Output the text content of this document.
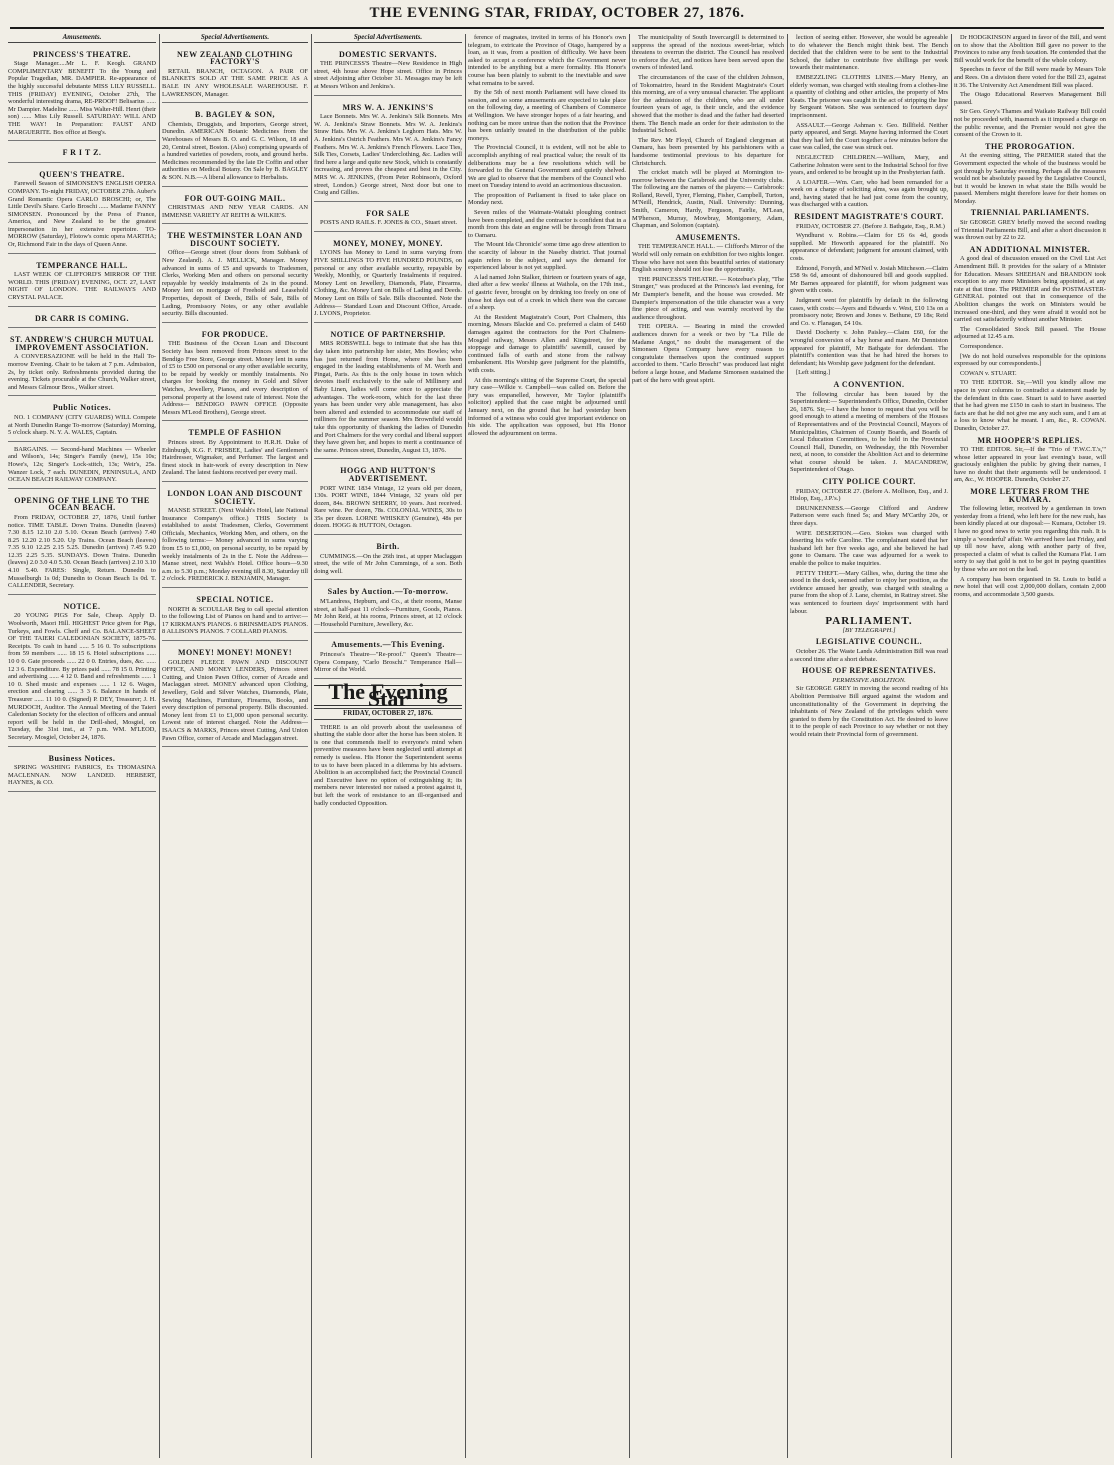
THE EVENING STAR, FRIDAY, OCTOBER 27, 1876.
Amusements.
PRINCESS'S THEATRE.

Stage Manager.....Mr L. F. Keogh. GRAND COMPLIMENTARY BENEFIT To the Young and Popular Tragedian, MR. DAMPIER. Re-appearance of the highly successful debutante MISS LILY RUSSELL. THIS (FRIDAY) EVENING, October 27th, The wonderful interesting drama, RE-PROOF! Belisarius ...... Mr Dampier. Madeline ...... Miss Walter-Hill. Henri (their son) ...... Miss Lily Russell. SATURDAY: WILL AND THE WAY! In Preparation: FAUST AND MARGUERITE. Box office at Beeg's.

F R I T Z.
QUEEN'S THEATRE.

Farewell Season of SIMONSEN'S ENGLISH OPERA COMPANY. To-night FRIDAY, OCTOBER 27th. Auber's Grand Romantic Opera CARLO BROSCHI; or, The Little Devil's Share. Carlo Broschi ...... Madame FANNY SIMONSEN. Pronounced by the Press of France, America, and New Zealand to be the greatest impersonation in her extensive repertoire. TO-MORROW (Saturday), Flotow's comic opera MARTHA; Or, Richmond Fair in the days of Queen Anne.

TEMPERANCE HALL.

LAST WEEK OF CLIFFORD'S MIRROR OF THE WORLD. THIS (FRIDAY) EVENING, OCT. 27, LAST NIGHT OF LONDON. THE RAILWAYS AND CRYSTAL PALACE.

DR CARR IS COMING.
ST. ANDREW'S CHURCH MUTUAL IMPROVEMENT ASSOCIATION.

A CONVERSAZIONE will be held in the Hall To-morrow Evening. Chair to be taken at 7 p.m. Admission, 2s, by ticket only. Refreshments provided during the evening. Tickets procurable at the Church, Walker street, and Messrs Gilmour Bros., Walker street.

Public Notices.

NO. 1 COMPANY (CITY GUARDS) WILL Compete at North Dunedin Range To-morrow (Saturday) Morning, 5 o'clock sharp. N. Y. A. WALES, Captain.

BARGAINS. — Second-hand Machines — Wheeler and Wilson's, 14s; Singer's Family (new), 15s 10s; Howe's, 12s; Singer's Lock-stitch, 13s; Weir's, 25s. Wanzer Lock, 7 each. DUNEDIN, PENINSULA, AND OCEAN BEACH RAILWAY COMPANY.

OPENING OF THE LINE TO THE OCEAN BEACH.

From FRIDAY, OCTOBER 27, 1876, Until further notice. TIME TABLE. Down Trains. Dunedin (leaves) 7.30 8.15 12.10 2.0 5.10. Ocean Beach (arrives) 7.40 8.25 12.20 2.10 5.20. Up Trains. Ocean Beach (leaves) 7.35 9.10 12.25 2.15 5.25. Dunedin (arrives) 7.45 9.20 12.35 2.25 5.35. SUNDAYS. Down Trains. Dunedin (leaves) 2.0 3.0 4.0 5.30. Ocean Beach (arrives) 2.10 3.10 4.10 5.40. FARES: Single, Return. Dunedin to Musselburgh 1s 0d; Dunedin to Ocean Beach 1s 0d. T. CALLENDER, Secretary.

NOTICE.

20 YOUNG PIGS For Sale, Cheap. Apply D. Woolworth, Maori Hill. HIGHEST Price given for Pigs, Turkeys, and Fowls. Cheff and Co. BALANCE-SHEET OF THE TAIERI CALEDONIAN SOCIETY, 1875-76. Receipts. To cash in hand ...... 5 16 0. To subscriptions from 59 members ...... 18 15 6. Hotel subscriptions ...... 10 0 0. Gate proceeds ...... 22 0 0. Entries, dues, &c. ...... 12 3 6. Expenditure. By prizes paid ...... 78 15 0. Printing and advertising ...... 4 12 0. Band and refreshments ...... 1 10 0. Shed music and expenses ...... 1 12 6. Wages, erection and clearing ...... 3 3 6. Balance in hands of Treasurer ...... 11 10 0. (Signed) P. DEY, Treasurer; J. H. MURDOCH, Auditor. The Annual Meeting of the Taieri Caledonian Society for the election of officers and annual report will be held in the Drill-shed, Mosgiel, on Tuesday, the 31st inst., at 7 p.m. WM. M'LEOD, Secretary. Mosgiel, October 24, 1876.

Business Notices.

SPRING WASHING FABRICS, Ex THOMASINA MACLENNAN. NOW LANDED. HERBERT, HAYNES, & CO.

Special Advertisements.
NEW ZEALAND CLOTHING FACTORY'S

RETAIL BRANCH, OCTAGON. A PAIR OF BLANKETS SOLD AT THE SAME PRICE AS A BALE IN ANY WHOLESALE WAREHOUSE. F. LAWRENSON, Manager.

B. BAGLEY & SON,

Chemists, Druggists, and Importers, George street, Dunedin. AMERICAN Botanic Medicines from the Warehouses of Messrs B. O. and G. C. Wilson, 18 and 20, Central street, Boston. (Also) comprising upwards of a hundred varieties of powders, roots, and ground herbs. Medicines recommended by the late Dr Coffin and other authorities on Medical Botany. On Sale by B. BAGLEY & SON. N.B.—A liberal allowance to Herbalists.

FOR OUT-GOING MAIL.

CHRISTMAS AND NEW YEAR CARDS. AN IMMENSE VARIETY AT REITH & WILKIE'S.

THE WESTMINSTER LOAN AND DISCOUNT SOCIETY.

Office—George street (four doors from Subbank of New Zealand). A. J. MELLICK, Manager. Money advanced in sums of £5 and upwards to Tradesmen, Clerks, Working Men and others on personal security repayable by weekly instalments of 2s in the pound. Money lent on mortgage of Freehold and Leasehold Properties, deposit of Deeds, Bills of Sale, Bills of Lading, Promissory Notes, or any other available security. Bills discounted.

FOR PRODUCE.

THE Business of the Ocean Loan and Discount Society has been removed from Princes street to the Bendigo Free Store, George street. Money lent in sums of £5 to £500 on personal or any other available security, to be repaid by weekly or monthly instalments. No charges for booking the money in Gold and Silver Watches, Jewellery, Pianos, and every description of personal property at the lowest rate of interest. Note the Address— BENDIGO PAWN OFFICE (Opposite Messrs M'Leod Brothers), George street.

TEMPLE OF FASHION

Princes street. By Appointment to H.R.H. Duke of Edinburgh, K.G. F. FRISBEE, Ladies' and Gentlemen's Hairdresser, Wigmaker, and Perfumer. The largest and finest stock in hair-work of every description in New Zealand. The latest fashions received per every mail.

LONDON LOAN AND DISCOUNT SOCIETY.

MANSE STREET. (Next Walsh's Hotel, late National Insurance Company's office.) THIS Society is established to assist Tradesmen, Clerks, Government Officials, Mechanics, Working Men, and others, on the following terms:— Money advanced in sums varying from £5 to £1,000, on personal security, to be repaid by weekly instalments of 2s in the £. Note the Address—Manse street, next Walsh's Hotel. Office hours—9.30 a.m. to 5.30 p.m.; Monday evening till 8.30, Saturday till 2 o'clock. FREDERICK J. BENJAMIN, Manager.

SPECIAL NOTICE.

NORTH & SCOULLAR Beg to call special attention to the following List of Pianos on hand and to arrive:— 17 KIRKMAN'S PIANOS. 6 BRINSMEAD'S PIANOS. 8 ALLISON'S PIANOS. 7 COLLARD PIANOS.

MONEY! MONEY! MONEY!

GOLDEN FLEECE PAWN AND DISCOUNT OFFICE, AND MONEY LENDERS, Princes street Cutting, and Union Pawn Office, corner of Arcade and Maclaggan street. MONEY advanced upon Clothing, Jewellery, Gold and Silver Watches, Diamonds, Plate, Sewing Machines, Furniture, Firearms, Books, and every description of personal property. Bills discounted. Money lent from £1 to £1,000 upon personal security. Lowest rate of interest charged. Note the Address— ISAACS & MARKS, Princes street Cutting, And Union Pawn Office, corner of Arcade and Maclaggan street.

Special Advertisements.
DOMESTIC SERVANTS.

THE PRINCESS'S Theatre—New Residence in High street, 4th house above Hope street. Office in Princes street Adjoining after October 31. Messages may be left at Messrs Wilson and Jenkins's.

MRS W. A. JENKINS'S

Lace Bonnets. Mrs W. A. Jenkins's Silk Bonnets. Mrs W. A. Jenkins's Straw Bonnets. Mrs W. A. Jenkins's Straw Hats. Mrs W. A. Jenkins's Leghorn Hats. Mrs W. A. Jenkins's Ostrich Feathers. Mrs W. A. Jenkins's Fancy Feathers. Mrs W. A. Jenkins's French Flowers. Lace Ties, Silk Ties, Corsets, Ladies' Underclothing, &c. Ladies will find here a large and quite new Stock, which is constantly increasing, and proves the cheapest and best in the City. MRS W. A. JENKINS, (From Peter Robinson's, Oxford street, London.) George street, Next door but one to Craig and Gillies.

FOR SALE

POSTS AND RAILS. F. JONES & CO., Stuart street.

MONEY, MONEY, MONEY.

LYONS has Money to Lend in sums varying from FIVE SHILLINGS TO FIVE HUNDRED POUNDS, on personal or any other available security, repayable by Weekly, Monthly, or Quarterly Instalments if required. Money Lent on Jewellery, Diamonds, Plate, Firearms, Clothing, &c. Money Lent on Bills of Lading and Deeds. Money Lent on Bills of Sale. Bills discounted. Note the Address— Standard Loan and Discount Office, Arcade. J. LYONS, Proprietor.

NOTICE OF PARTNERSHIP.

MRS ROBSWELL begs to intimate that she has this day taken into partnership her sister, Mrs Bowles; who has just returned from Home, where she has been engaged in the leading establishments of M. Worth and Pingat, Paris. As this is the only house in town which devotes itself exclusively to the sale of Millinery and Baby Linen, ladies will come once to appreciate the advantages. The work-room, which for the last three years has been under very able management, has also been altered and extended to accommodate our staff of milliners for the summer season. Mrs Brownfield would take this opportunity of thanking the ladies of Dunedin and Port Chalmers for the very cordial and liberal support they have given her, and hopes to merit a continuance of the same. Princes street, Dunedin, August 13, 1876.

HOGG AND HUTTON'S ADVERTISEMENT.

PORT WINE 1834 Vintage, 12 years old per dozen, 130s. PORT WINE, 1844 Vintage, 32 years old per dozen, 84s. BROWN SHERRY, 10 years. Just received. Rare wine. Per dozen, 78s. COLONIAL WINES, 30s to 35s per dozen. LORNE WHISKEY (Genuine), 48s per dozen. HOGG & HUTTON, Octagon.

Birth.

CUMMINGS.—On the 26th inst., at upper Maclaggan street, the wife of Mr John Cummings, of a son. Both doing well.

Sales by Auction.—To-morrow.

M'Landress, Hepburn, and Co., at their rooms, Manse street, at half-past 11 o'clock—Furniture, Goods, Pianos. Mr John Reid, at his rooms, Princes street, at 12 o'clock—Household Furniture, Jewellery, &c.

Amusements.—This Evening.

Princess's Theatre—"Re-proof." Queen's Theatre—Opera Company, "Carlo Broschi." Temperance Hall—Mirror of the World.

The Evening Star
FRIDAY, OCTOBER 27, 1876.

THERE is an old proverb about the uselessness of shutting the stable door after the horse has been stolen. It is one that commends itself to everyone's mind when preventive measures have been neglected until attempt at remedy is useless. His Honor the Superintendent seems to us to have been placed in a dilemma by his advisers. Abolition is an accomplished fact; the Provincial Council and Executive have no option of extinguishing it; its members never interested nor raised a protest against it, but left the work of resistance to an ill-organised and badly conducted Opposition.

ference of magnates, invited in terms of his Honor's own telegram, to extricate the Province of Otago, hampered by a loan, as it was, from a position of difficulty. We have been asked to accept a conference which the Government never intended to be anything but a mere formality. His Honor's course has been plainly to submit to the inevitable and save what remains to be saved.

By the 5th of next month Parliament will have closed its session, and so some amusements are expected to take place on the following day, a meeting of Chambers of Commerce at Wellington. We have stronger hopes of a fair hearing, and nothing can be more untrue than the notion that the Province has been unfairly treated in the distribution of the public moneys.

The Provincial Council, it is evident, will not be able to accomplish anything of real practical value; the result of its deliberations may be a few resolutions which will be forwarded to the General Government and quietly shelved. We are glad to observe that the members of the Council who meet on Tuesday intend to avoid an acrimonious discussion.

The proposition of Parliament is fixed to take place on Monday next.

Seven miles of the Waimate-Waitaki ploughing contract have been completed, and the contractor is confident that in a month from this date an engine will be through from Timaru to Oamaru.

The 'Mount Ida Chronicle' some time ago drew attention to the scarcity of labour in the Naseby district. That journal again refers to the subject, and says the demand for experienced labour is not yet supplied.

A lad named John Stalker, thirteen or fourteen years of age, died after a few weeks' illness at Waihola, on the 17th inst., of gastric fever, brought on by drinking too freely on one of those hot days out of a creek in which there was the carcase of a sheep.

At the Resident Magistrate's Court, Port Chalmers, this morning, Messrs Blackie and Co. preferred a claim of £460 damages against the contractors for the Port Chalmers-Mosgiel railway, Messrs Allen and Kingstreet, for the stoppage and damage to plaintiffs' sawmill, caused by continued falls of earth and stone from the railway embankment. His Worship gave judgment for the plaintiffs, with costs.

At this morning's sitting of the Supreme Court, the special jury case—Wilkie v. Campbell—was called on. Before the jury was empanelled, however, Mr Taylor (plaintiff's solicitor) applied that the case might be adjourned until January next, on the ground that he had yesterday been informed of a witness who could give important evidence on his side. The application was opposed, but His Honor allowed the adjournment on terms.

The municipality of South Invercargill is determined to suppress the spread of the noxious sweet-briar, which threatens to overrun the district. The Council has resolved to enforce the Act, and notices have been served upon the owners of infested land.

The circumstances of the case of the children Johnson, of Tokomairiro, heard in the Resident Magistrate's Court this morning, are of a very unusual character. The applicant for the admission of the children, who are all under fourteen years of age, is their uncle, and the evidence showed that the mother is dead and the father had deserted them. The Bench made an order for their admission to the Industrial School.

The Rev. Mr Floyd, Church of England clergyman at Oamaru, has been presented by his parishioners with a handsome testimonial previous to his departure for Christchurch.

The cricket match will be played at Mornington to-morrow between the Carisbrook and the University clubs. The following are the names of the players:— Carisbrook: Rolland, Revell, Tyrer, Fleming, Fisher, Campbell, Turton, M'Neill, Hendrick, Austin, Niall. University: Dunning, Smith, Cameron, Hardy, Ferguson, Fairlie, M'Lean, M'Pherson, Murray, Mowbray, Montgomery, Adam, Chapman, and Solomon (captain).

AMUSEMENTS.

THE TEMPERANCE HALL. — Clifford's Mirror of the World will only remain on exhibition for two nights longer. Those who have not seen this beautiful series of stationary English scenery should not lose the opportunity.

THE PRINCESS'S THEATRE. — Kotzebue's play, "The Stranger," was produced at the Princess's last evening, for Mr Dampier's benefit, and the house was crowded. Mr Dampier's impersonation of the title character was a very fine piece of acting, and was warmly received by the audience throughout.

THE OPERA. — Bearing in mind the crowded audiences drawn for a week or two by "La Fille de Madame Angot," no doubt the management of the Simonsen Opera Company have every reason to congratulate themselves upon the continued support accorded to them. "Carlo Broschi" was produced last night before a large house, and Madame Simonsen sustained the part of the hero with great spirit.

lection of seeing either. However, she would be agreeable to do whatever the Bench might think best. The Bench decided that the children were to be sent to the Industrial School, the father to contribute five shillings per week towards their maintenance.

EMBEZZLING CLOTHES LINES.—Mary Henry, an elderly woman, was charged with stealing from a clothes-line a quantity of clothing and other articles, the property of Mrs Keats. The prisoner was caught in the act of stripping the line by Sergeant Watson. She was sentenced to fourteen days' imprisonment.

ASSAULT.—George Ashman v. Geo. Billfield. Neither party appeared, and Sergt. Mayne having informed the Court that they had left the Court together a few minutes before the case was called, the case was struck out.

NEGLECTED CHILDREN.—William, Mary, and Catherine Johnston were sent to the Industrial School for five years, and ordered to be brought up in the Presbyterian faith.

A LOAFER.—Wm. Carr, who had been remanded for a week on a charge of soliciting alms, was again brought up, and, having stated that he had just come from the country, was discharged with a caution.

RESIDENT MAGISTRATE'S COURT.

FRIDAY, OCTOBER 27. (Before J. Bathgate, Esq., R.M.)

Wyndhurst v. Robins.—Claim for £6 6s 4d, goods supplied. Mr Howorth appeared for the plaintiff. No appearance of defendant; judgment for amount claimed, with costs.

Edmond, Forsyth, and M'Neil v. Josiah Mitcheson.—Claim £58 9s 6d, amount of dishonoured bill and goods supplied. Mr Barnes appeared for plaintiff, for whom judgment was given with costs.

Judgment went for plaintiffs by default in the following cases, with costs:—Ayers and Edwards v. West, £10 13s on a promissory note; Brown and Jones v. Bethune, £9 18s; Reid and Co. v. Flanagan, £4 10s.

David Docherty v. John Paisley.—Claim £60, for the wrongful conversion of a bay horse and mare. Mr Denniston appeared for plaintiff, Mr Bathgate for defendant. The plaintiff's contention was that he had hired the horses to defendant; his Worship gave judgment for the defendant.

[Left sitting.]

A CONVENTION.

The following circular has been issued by the Superintendent:— Superintendent's Office, Dunedin, October 26, 1876. Sir,—I have the honor to request that you will be good enough to attend a meeting of members of the Houses of Representatives and of the Provincial Council, Mayors of Municipalities, Chairmen of County Boards, and Boards of Local Education Committees, to be held in the Provincial Council Hall, Dunedin, on Wednesday, the 8th November next, at noon, to consider the Abolition Act and to determine what course should be taken. J. MACANDREW, Superintendent of Otago.

CITY POLICE COURT.

FRIDAY, OCTOBER 27. (Before A. Mollison, Esq., and J. Hislop, Esq., J.P.'s.)

DRUNKENNESS.—George Clifford and Andrew Patterson were each fined 5s; and Mary M'Carthy 20s, or three days.

WIFE DESERTION.—Geo. Stokes was charged with deserting his wife Caroline. The complainant stated that her husband left her five weeks ago, and she believed he had gone to Oamaru. The case was adjourned for a week to enable the police to make inquiries.

PETTY THEFT.—Mary Gillies, who, during the time she stood in the dock, seemed rather to enjoy her position, as the evidence amused her greatly, was charged with stealing a purse from the shop of J. Lane, chemist, in Rattray street. She was sentenced to fourteen days' imprisonment with hard labour.

PARLIAMENT.
[BY TELEGRAPH.]
LEGISLATIVE COUNCIL.

October 26. The Waste Lands Administration Bill was read a second time after a short debate.

HOUSE OF REPRESENTATIVES.
PERMISSIVE ABOLITION.

Sir GEORGE GREY in moving the second reading of his Abolition Permissive Bill argued against the wisdom and unconstitutionality of the Government in depriving the inhabitants of New Zealand of the privileges which were granted to them by the Constitution Act. He desired to leave it to the people of each Province to say whether or not they would retain their Provincial form of government.

Dr HODGKINSON argued in favor of the Bill, and went on to show that the Abolition Bill gave no power to the Provinces to raise any fresh taxation. He contended that the Bill would work for the benefit of the whole colony.

Speeches in favor of the Bill were made by Messrs Tole and Rees. On a division there voted for the Bill 23, against it 36. The University Act Amendment Bill was placed.

The Otago Educational Reserves Management Bill passed.

Sir Geo. Grey's Thames and Waikato Railway Bill could not be proceeded with, inasmuch as it imposed a charge on the public revenue, and the Premier would not give the consent of the Crown to it.

THE PROROGATION.

At the evening sitting, The PREMIER stated that the Government expected the whole of the business would be got through by Saturday evening. Perhaps all the measures would not be absolutely passed by the Legislative Council, but it would be known in what state the Bills would be passed. Members might therefore leave for their homes on Monday.

TRIENNIAL PARLIAMENTS.

Sir GEORGE GREY briefly moved the second reading of Triennial Parliaments Bill, and after a short discussion it was thrown out by 22 to 22.

AN ADDITIONAL MINISTER.

A good deal of discussion ensued on the Civil List Act Amendment Bill. It provides for the salary of a Minister for Education. Messrs SHEEHAN and BRANDON took exception to any more Ministers being appointed, at any rate at that time. The PREMIER and the POSTMASTER-GENERAL pointed out that in consequence of the Abolition changes the work on Ministers would be increased one-third, and they were afraid it would not be carried out satisfactorily without another Minister.

The Consolidated Stock Bill passed. The House adjourned at 12.45 a.m.

Correspondence.

[We do not hold ourselves responsible for the opinions expressed by our correspondents.]

COWAN v. STUART.

TO THE EDITOR. Sir,—Will you kindly allow me space in your columns to contradict a statement made by the defendant in this case. Stuart is said to have asserted that he had given me £150 in cash to start in business. The facts are that he did not give me any such sum, and I am at a loss to know what he meant. I am, &c., R. COWAN. Dunedin, October 27.

MR HOOPER'S REPLIES.

TO THE EDITOR. Sir,—If the "Trio of 'F.W.C.T.'s,'" whose letter appeared in your last evening's issue, will graciously enlighten the public by giving their names, I have no doubt that their arguments will be understood. I am, &c., W. HOOPER. Dunedin, October 27.

MORE LETTERS FROM THE KUMARA.

The following letter, received by a gentleman in town yesterday from a friend, who left here for the new rush, has been kindly placed at our disposal:— Kumara, October 19. I have no good news to write you regarding this rush. It is simply a 'wonderful' affair. We arrived here last Friday, and up till now have, along with another party of five, prospected a claim of what is called the Kumara Flat. I am sorry to say that gold is not to be got in paying quantities by those who are not on the lead.

A company has been organised in St. Louis to build a new hotel that will cost 2,000,000 dollars, contain 2,000 rooms, and accommodate 3,500 guests.
